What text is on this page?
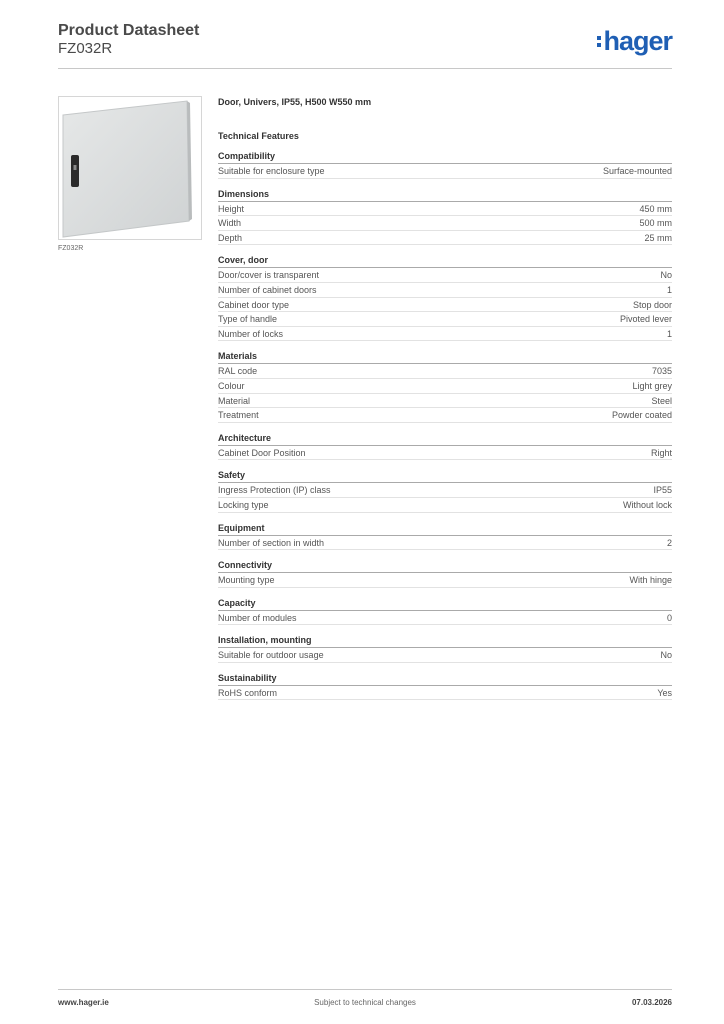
Product Datasheet
FZ032R	hager
FZ032R
Door, Univers, IP55, H500 W550 mm
Technical Features
Compatibility
Suitable for enclosure type	Surface-mounted
Dimensions
Height	450 mm
Width	500 mm
Depth	25 mm
Cover, door
Door/cover is transparent	No
Number of cabinet doors	1
Cabinet door type	Stop door
Type of handle	Pivoted lever
Number of locks	1
Materials
RAL code	7035
Colour	Light grey
Material	Steel
Treatment	Powder coated
Architecture
Cabinet Door Position	Right
Safety
Ingress Protection (IP) class	IP55
Locking type	Without lock
Equipment
Number of section in width	2
Connectivity
Mounting type	With hinge
Capacity
Number of modules	0
Installation, mounting
Suitable for outdoor usage	No
Sustainability
RoHS conform	Yes
www.hager.ie	Subject to technical changes	07.03.2026
